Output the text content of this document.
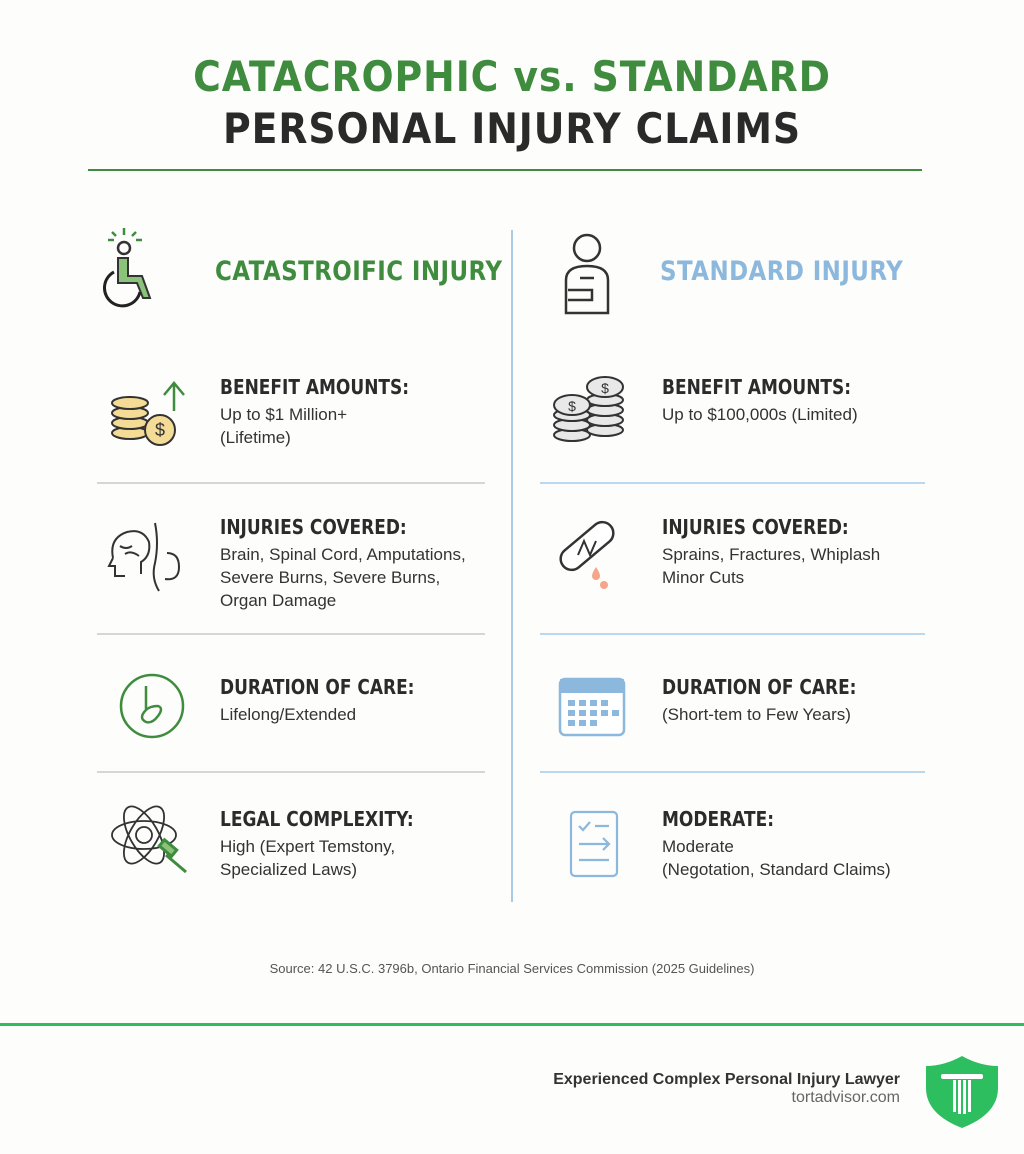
CATACROPHIC vs. STANDARD
PERSONAL INJURY CLAIMS
CATASTROIFIC INJURY	STANDARD INJURY
$
BENEFIT AMOUNTS:
Up to $1 Million+
(Lifetime)
INJURIES COVERED:
Brain, Spinal Cord, Amputations,
Severe Burns, Severe Burns,
Organ Damage
DURATION OF CARE:
Lifelong/Extended
LEGAL COMPLEXITY:
High (Expert Temstony,
Specialized Laws)
$
$	BENEFIT AMOUNTS:
Up to $100,000s (Limited)
INJURIES COVERED:
Sprains, Fractures, Whiplash
Minor Cuts
DURATION OF CARE:
(Short-tem to Few Years)
MODERATE:
Moderate
(Negotation, Standard Claims)
Source: 42 U.S.C. 3796b, Ontario Financial Services Commission (2025 Guidelines)
Experienced Complex Personal Injury Lawyer
tortadvisor.com
